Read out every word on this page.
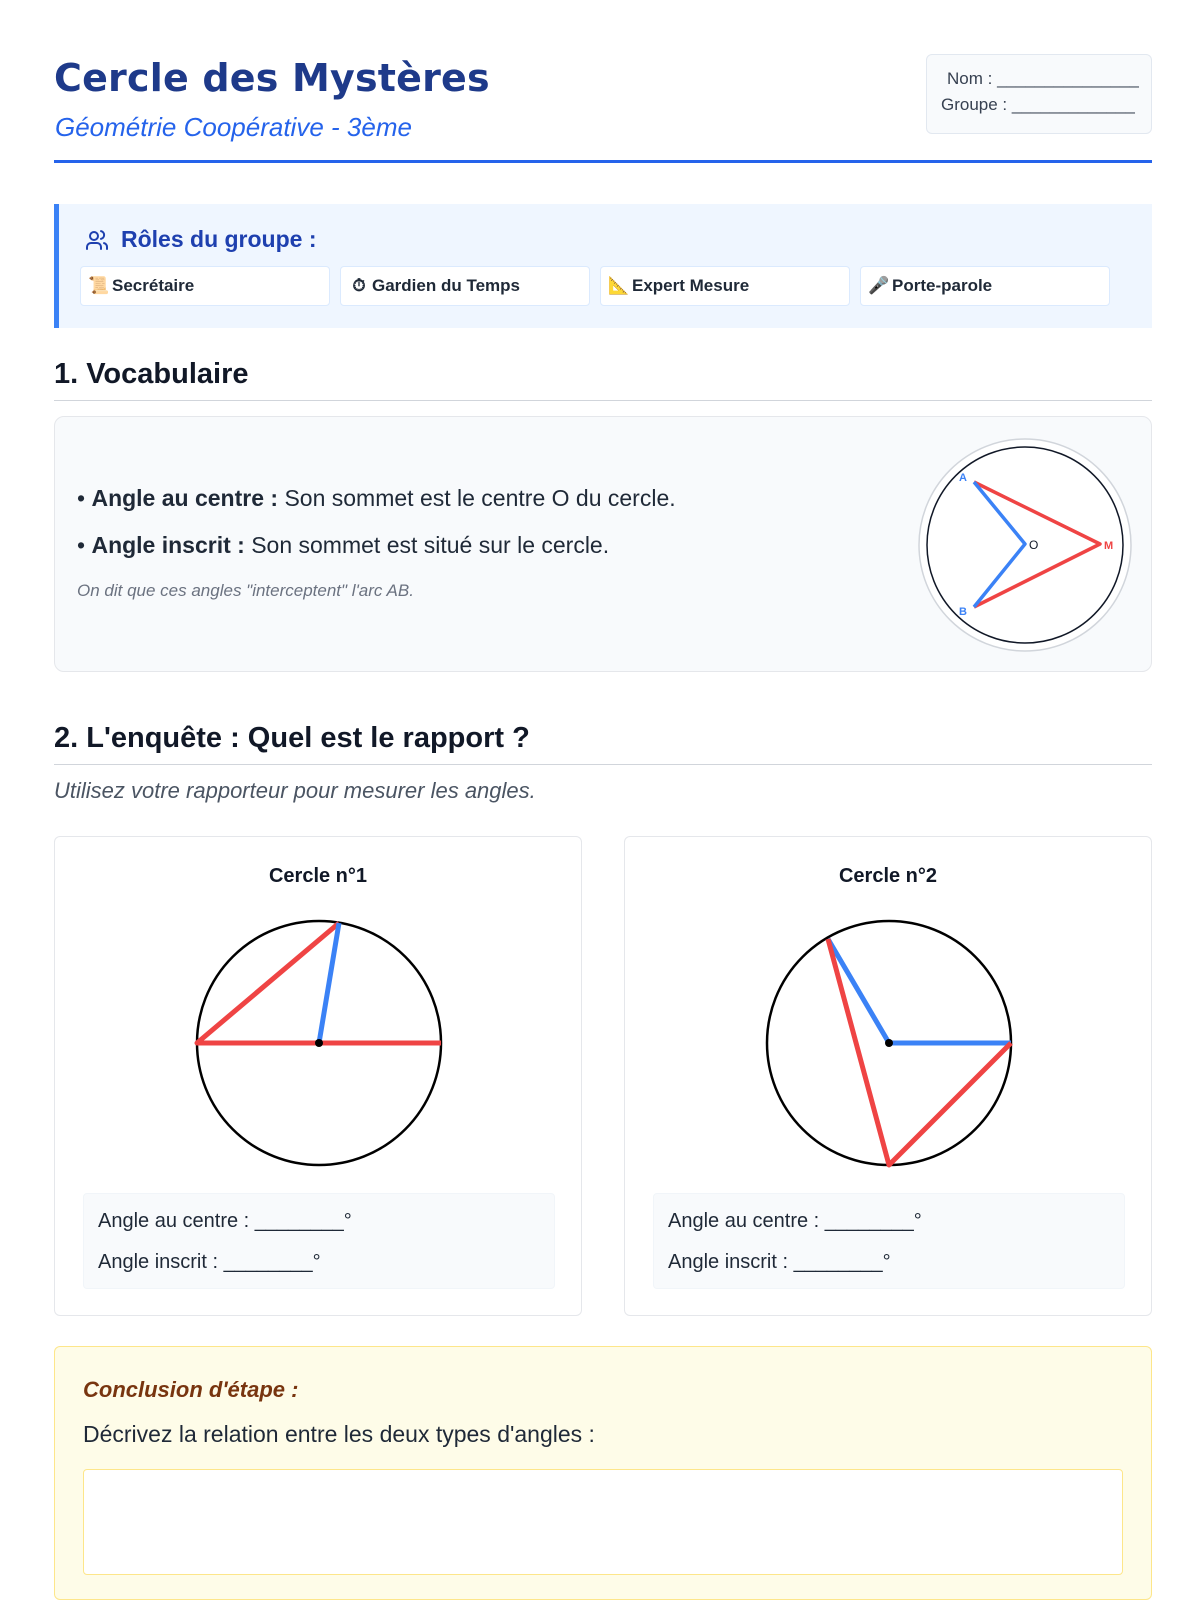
Cercle des Mystères
Géométrie Coopérative - 3ème
Nom : _______________
Groupe : _____________
Rôles du groupe :
📜 Secrétaire	⏱ Gardien du Temps	📐 Expert Mesure	🎤 Porte-parole
1. Vocabulaire
• Angle au centre : Son sommet est le centre O du cercle.
• Angle inscrit : Son sommet est situé sur le cercle.
On dit que ces angles "interceptent" l'arc AB.
A
B
O	M
2. L'enquête : Quel est le rapport ?
Utilisez votre rapporteur pour mesurer les angles.
Cercle n°1
Angle au centre : ________°
Angle inscrit : ________°
Cercle n°2
Angle au centre : ________°
Angle inscrit : ________°
Conclusion d'étape :
Décrivez la relation entre les deux types d'angles :
